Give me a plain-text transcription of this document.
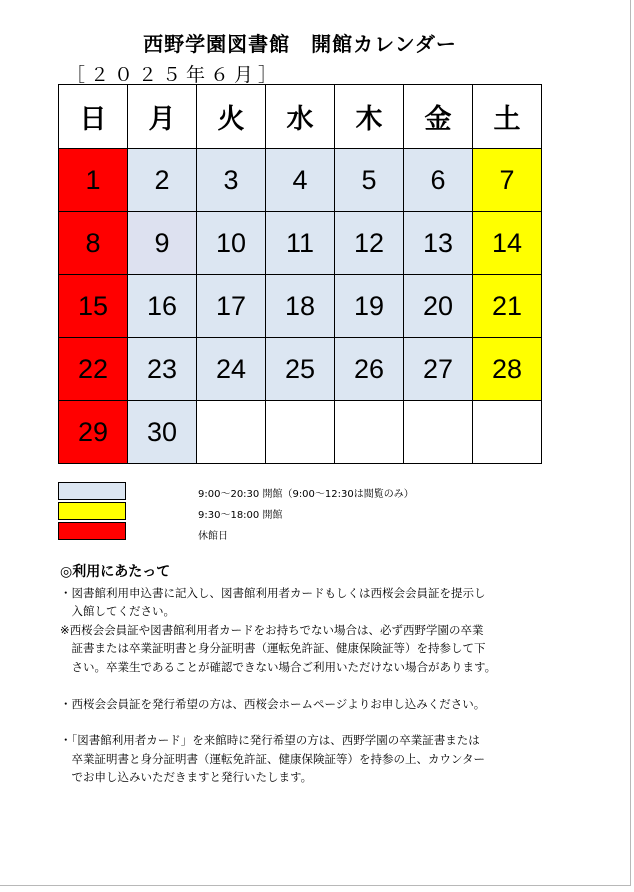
西野学園図書館　開館カレンダー
［２０２５年６月］
日	月	火	水	木	金	土
1	2	3	4	5	6	7
8	9	10	11	12	13	14
15	16	17	18	19	20	21
22	23	24	25	26	27	28
29	30					
9:00～20:30 開館（9:00～12:30は閲覧のみ）
9:30～18:00 開館
休館日
◎利用にあたって
・図書館利用申込書に記入し、図書館利用者カードもしくは西桜会会員証を提示し
　入館してください。
※西桜会会員証や図書館利用者カードをお持ちでない場合は、必ず西野学園の卒業
　証書または卒業証明書と身分証明書（運転免許証、健康保険証等）を持参して下
　さい。卒業生であることが確認できない場合ご利用いただけない場合があります。
・西桜会会員証を発行希望の方は、西桜会ホームページよりお申し込みください。
・「図書館利用者カード」を来館時に発行希望の方は、西野学園の卒業証書または
　卒業証明書と身分証明書（運転免許証、健康保険証等）を持参の上、カウンター
　でお申し込みいただきますと発行いたします。
